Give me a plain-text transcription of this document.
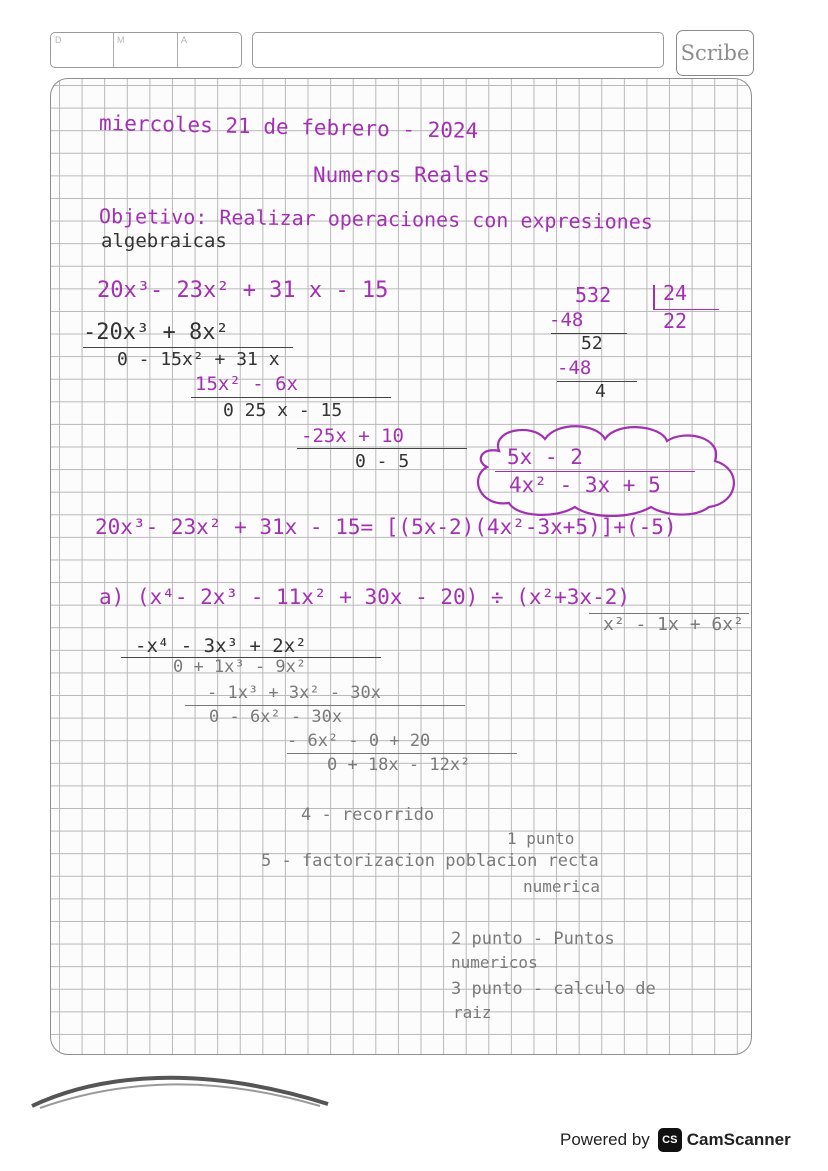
D	M	A
Scribe
miercoles 21 de febrero - 2024
Numeros Reales
Objetivo: Realizar operaciones con expresiones
algebraicas
20x³- 23x² + 31 x - 15
-20x³ + 8x²
0 - 15x² + 31 x
15x² - 6x
0 25 x - 15
-25x + 10
0 - 5	5x - 2
4x² - 3x + 5
532	24
22
-48
52
-48
4
20x³- 23x² + 31x - 15= [(5x-2)(4x²-3x+5)]+(-5)
a) (x⁴- 2x³ - 11x² + 30x - 20) ÷ (x²+3x-2)
x² - 1x + 6x²
-x⁴ - 3x³ + 2x²
0 + 1x³ - 9x²
- 1x³ + 3x² - 30x
0 - 6x² - 30x
- 6x² - 0 + 20
0 + 18x - 12x²
4 - recorrido
1 punto
5 - factorizacion poblacion recta
numerica
2 punto - Puntos
numericos
3 punto - calculo de
raiz
Powered by	CS CamScanner
